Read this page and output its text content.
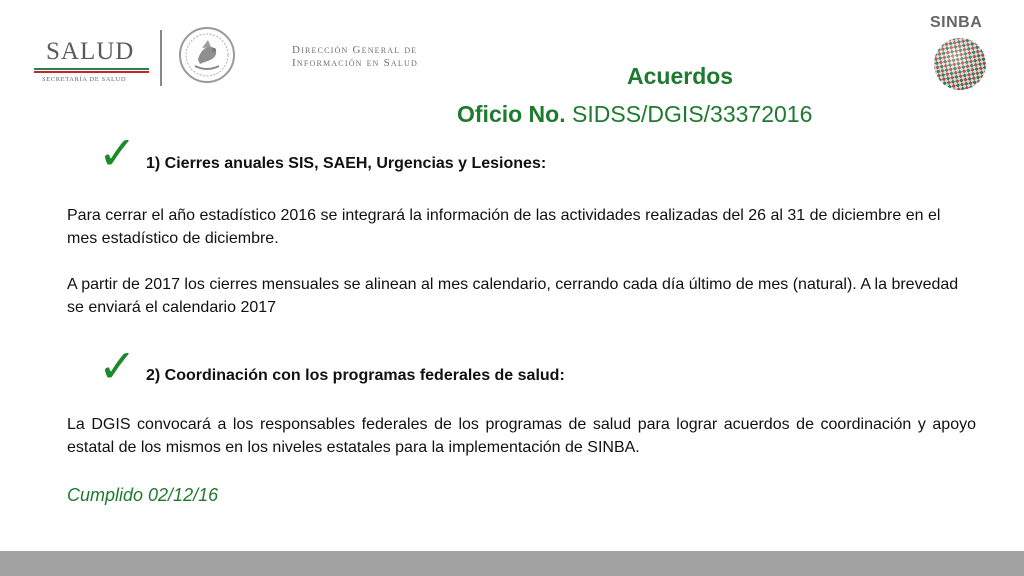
SALUD
SECRETARÍA DE SALUD
Dirección General de
Información en Salud
SINBA
Acuerdos
Oficio No. SIDSS/DGIS/33372016
✓ 1) Cierres anuales SIS, SAEH, Urgencias y Lesiones:
Para cerrar el año estadístico 2016 se integrará la información de las actividades realizadas del 26 al 31 de diciembre en el mes estadístico de diciembre.
A partir de 2017 los cierres mensuales se alinean al mes calendario, cerrando cada día último de mes (natural). A la brevedad se enviará el calendario 2017
✓ 2) Coordinación con los programas federales de salud:
La DGIS convocará a los responsables federales de los programas de salud para lograr acuerdos de coordinación y apoyo estatal de los mismos en los niveles estatales para la implementación de SINBA.
Cumplido 02/12/16
